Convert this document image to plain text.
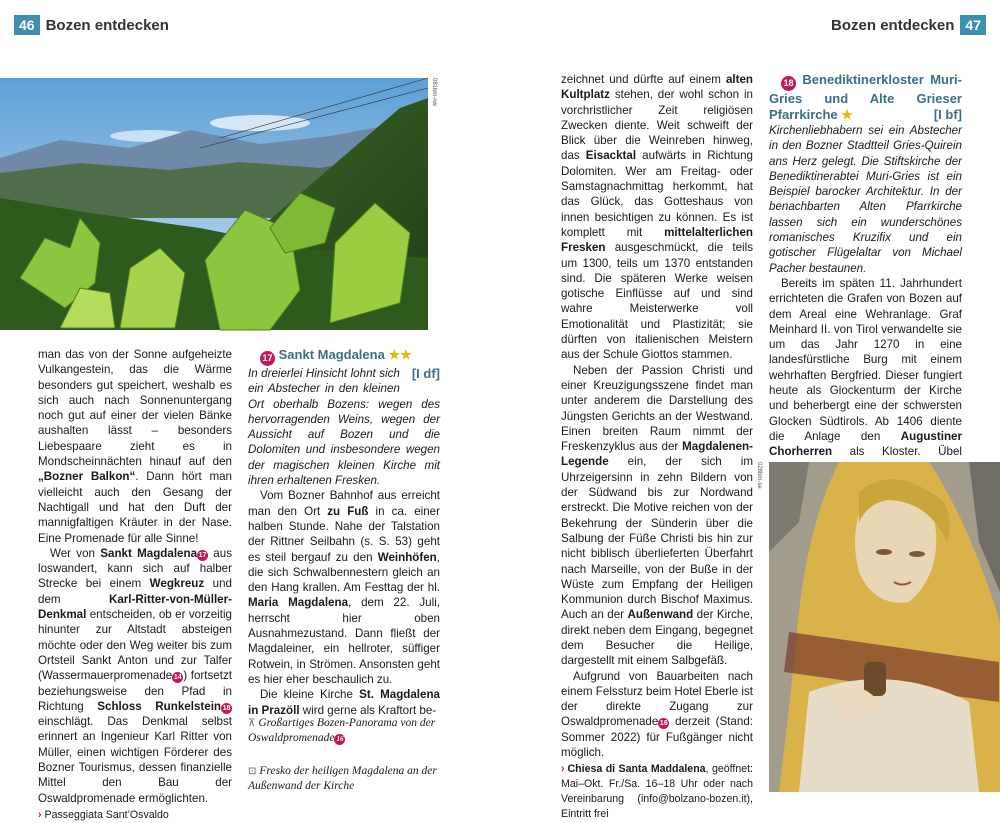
46 Bozen entdecken	Bozen entdecken 47
081bm-nw

man das von der Sonne aufgeheizte Vulkangestein, das die Wärme besonders gut speichert, weshalb es sich auch nach Sonnenuntergang noch gut auf einer der vielen Bänke aushalten lässt – besonders Liebespaare zieht es in Mondscheinnächten hinauf auf den „Bozner Balkon“. Dann hört man vielleicht auch den Gesang der Nachtigall und hat den Duft der mannigfaltigen Kräuter in der Nase. Eine Promenade für alle Sinne!

Wer von Sankt Magdalena 17 aus loswandert, kann sich auf halber Strecke bei einem Wegkreuz und dem Karl-Ritter-von-Müller-Denkmal entscheiden, ob er vorzeitig hinunter zur Altstadt absteigen möchte oder den Weg weiter bis zum Ortsteil Sankt Anton und zur Talfer (Wassermauerpromenade 14 ) fortsetzt beziehungsweise den Pfad in Richtung Schloss Runkelstein 18 einschlägt. Das Denkmal selbst erinnert an Ingenieur Karl Ritter von Müller, einen wichtigen Förderer des Bozner Tourismus, dessen finanzielle Mittel den Bau der Oswaldpromenade ermöglichten.

› Passeggiata Sant’Osvaldo

17 Sankt Magdalena ★★
[I df]

In dreierlei Hinsicht lohnt sich ein Abstecher in den kleinen Ort oberhalb Bozens: wegen des hervorragenden Weins, wegen der Aussicht auf Bozen und die Dolomiten und insbesondere wegen der magischen kleinen Kirche mit ihren erhaltenen Fresken.

Vom Bozner Bahnhof aus erreicht man den Ort zu Fuß in ca. einer halben Stunde. Nahe der Talstation der Rittner Seilbahn (s. S. 53) geht es steil bergauf zu den Weinhöfen, die sich Schwalbennestern gleich an den Hang krallen. Am Festtag der hl. Maria Magdalena, dem 22. Juli, herrscht hier oben Ausnahmezustand. Dann fließt der Magdaleiner, ein hellroter, süffiger Rotwein, in Strömen. Ansonsten geht es hier eher beschaulich zu.

Die kleine Kirche St. Magdalena in Prazöll wird gerne als Kraftort be-

⊼ Großartiges Bozen-Panorama von der Oswaldpromenade 16
⊡ Fresko der heiligen Magdalena an der Außenwand der Kirche

zeichnet und dürfte auf einem alten Kultplatz stehen, der wohl schon in vorchristlicher Zeit religiösen Zwecken diente. Weit schweift der Blick über die Weinreben hinweg, das Eisacktal aufwärts in Richtung Dolomiten. Wer am Freitag- oder Samstagnachmittag herkommt, hat das Glück, das Gotteshaus von innen besichtigen zu können. Es ist komplett mit mittelalterlichen Fresken ausgeschmückt, die teils um 1300, teils um 1370 entstanden sind. Die späteren Werke weisen gotische Einflüsse auf und sind wahre Meisterwerke voll Emotionalität und Plastizität; sie dürften von italienischen Meistern aus der Schule Giottos stammen.

Neben der Passion Christi und einer Kreuzigungsszene findet man unter anderem die Darstellung des Jüngsten Gerichts an der Westwand. Einen breiten Raum nimmt der Freskenzyklus aus der Magdalenen-Legende ein, der sich im Uhrzeigersinn in zehn Bildern von der Südwand bis zur Nordwand erstreckt. Die Motive reichen von der Bekehrung der Sünderin über die Salbung der Füße Christi bis hin zur nicht biblisch überlieferten Überfahrt nach Marseille, von der Buße in der Wüste zum Empfang der Heiligen Kommunion durch Bischof Maximus. Auch an der Außenwand der Kirche, direkt neben dem Eingang, begegnet dem Besucher die Heilige, dargestellt mit einem Salbgefäß.

Aufgrund von Bauarbeiten nach einem Felssturz beim Hotel Eberle ist der direkte Zugang zur Oswaldpromenade 16 derzeit (Stand: Sommer 2022) für Fußgänger nicht möglich.

› Chiesa di Santa Maddalena, geöffnet: Mai–Okt. Fr./Sa. 16–18 Uhr oder nach Vereinbarung (info@bolzano-bozen.it), Eintritt frei

18 Benediktinerkloster Muri-Gries und Alte Grieser Pfarrkirche ★	[I bf]

Kirchenliebhabern sei ein Abstecher in den Bozner Stadtteil Gries-Quirein ans Herz gelegt. Die Stiftskirche der Benediktinerabtei Muri-Gries ist ein Beispiel barocker Architektur. In der benachbarten Alten Pfarrkirche lassen sich ein wunderschönes romanisches Kruzifix und ein gotischer Flügelaltar von Michael Pacher bestaunen.

Bereits im späten 11. Jahrhundert errichteten die Grafen von Bozen auf dem Areal eine Wehranlage. Graf Meinhard II. von Tirol verwandelte sie um das Jahr 1270 in eine landesfürstliche Burg mit einem wehrhaften Bergfried. Dieser fungiert heute als Glockenturm der Kirche und beherbergt eine der schwersten Glocken Südtirols. Ab 1406 diente die Anlage den Augustiner Chorherren als Kloster. Übel

028bm-se
